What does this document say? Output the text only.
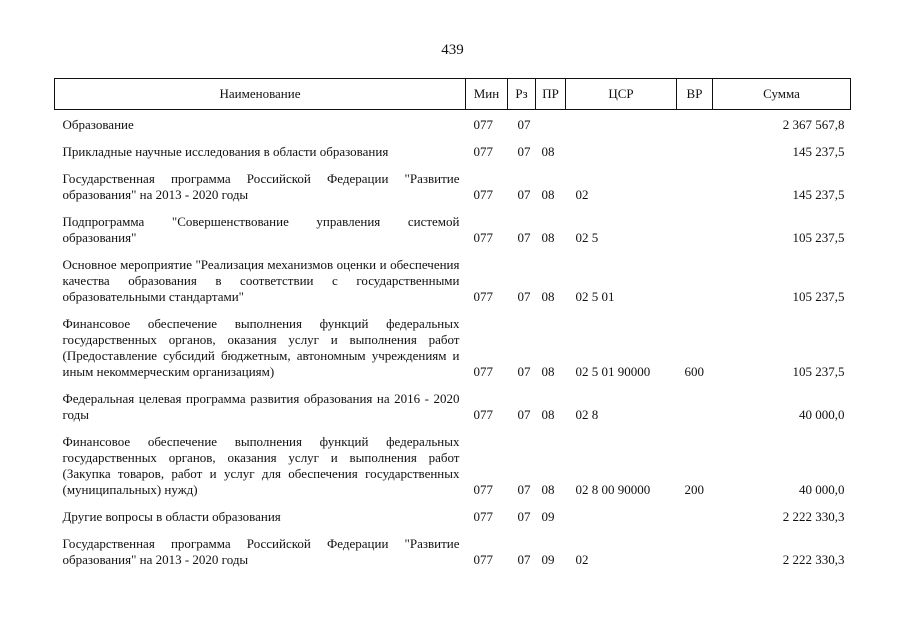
439
Наименование	Мин	Рз	ПР	ЦСР	ВР	Сумма

Образование	077	07				2 367 567,8

Прикладные научные исследования в области образования	077	07	08			145 237,5

Государственная программа Российской Федерации "Развитие образования" на 2013 - 2020 годы	077	07	08	02		145 237,5

Подпрограмма "Совершенствование управления системой образования"	077	07	08	02 5		105 237,5

Основное мероприятие "Реализация механизмов оценки и обеспечения качества образования в соответствии с государственными образовательными стандартами"	077	07	08	02 5 01		105 237,5

Финансовое обеспечение выполнения функций федеральных государственных органов, оказания услуг и выполнения работ (Предоставление субсидий бюджетным, автономным учреждениям и иным некоммерческим организациям)	077	07	08	02 5 01 90000	600	105 237,5

Федеральная целевая программа развития образования на 2016 - 2020 годы	077	07	08	02 8		40 000,0

Финансовое обеспечение выполнения функций федеральных государственных органов, оказания услуг и выполнения работ (Закупка товаров, работ и услуг для обеспечения государственных (муниципальных) нужд)	077	07	08	02 8 00 90000	200	40 000,0

Другие вопросы в области образования	077	07	09			2 222 330,3

Государственная программа Российской Федерации "Развитие образования" на 2013 - 2020 годы	077	07	09	02		2 222 330,3
